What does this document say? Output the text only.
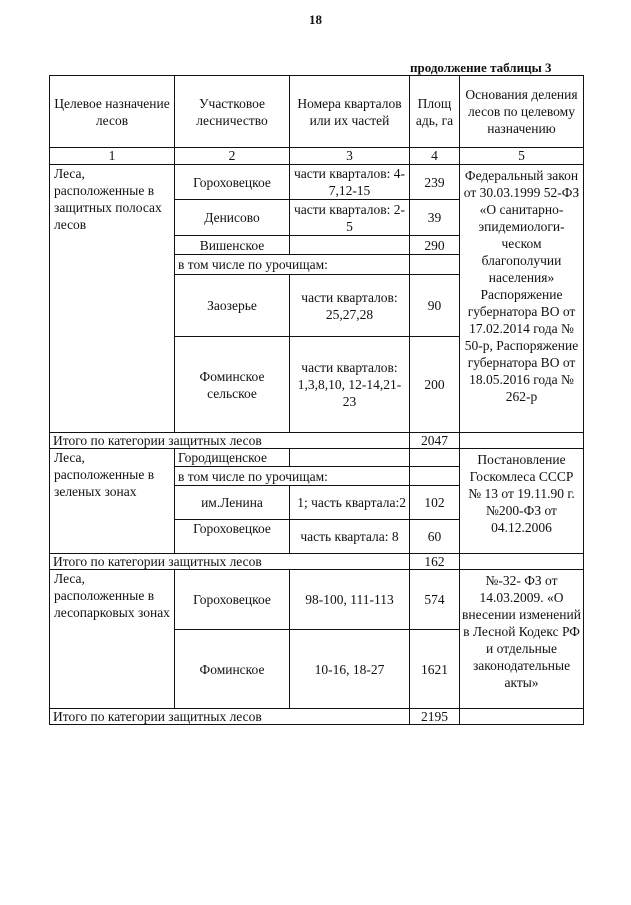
18
продолжение таблицы 3
Целевое назначение лесов	Участковое лесничество	Номера кварталов или их частей	Площ адь, га	Основания деления лесов по целевому назначению
1	2	3	4	5
Леса, расположенные в защитных полосах лесов	Гороховецкое	части кварталов: 4-7,12-15	239	Федеральный закон от 30.03.1999 52-ФЗ «О санитарно-эпидемиологи-ческом благополучии населения» Распоряжение губернатора ВО от 17.02.2014 года № 50-р, Распоряжение губернатора ВО от 18.05.2016 года № 262-р
	Денисово	части кварталов: 2-5	39	
	Вишенское		290	
	в том числе по урочищам:			
	Заозерье	части кварталов: 25,27,28	90	
	Фоминское сельское	части кварталов: 1,3,8,10, 12-14,21-23	200	
Итого по категории защитных лесов			2047	
Леса, расположенные в зеленых зонах	Городищенское			Постановление Госкомлеса СССР № 13 от 19.11.90 г. №200-ФЗ от 04.12.2006
	в том числе по урочищам:			
	им.Ленина	1; часть квартала:2	102	
	Гороховецкое	часть квартала: 8	60	
Итого по категории защитных лесов			162	
Леса, расположенные в лесопарковых зонах	Гороховецкое	98-100, 111-113	574	№-32- ФЗ от 14.03.2009. «О внесении изменений в Лесной Кодекс РФ и отдельные законодательные акты»
	Фоминское	10-16, 18-27	1621	
Итого по категории защитных лесов			2195	
